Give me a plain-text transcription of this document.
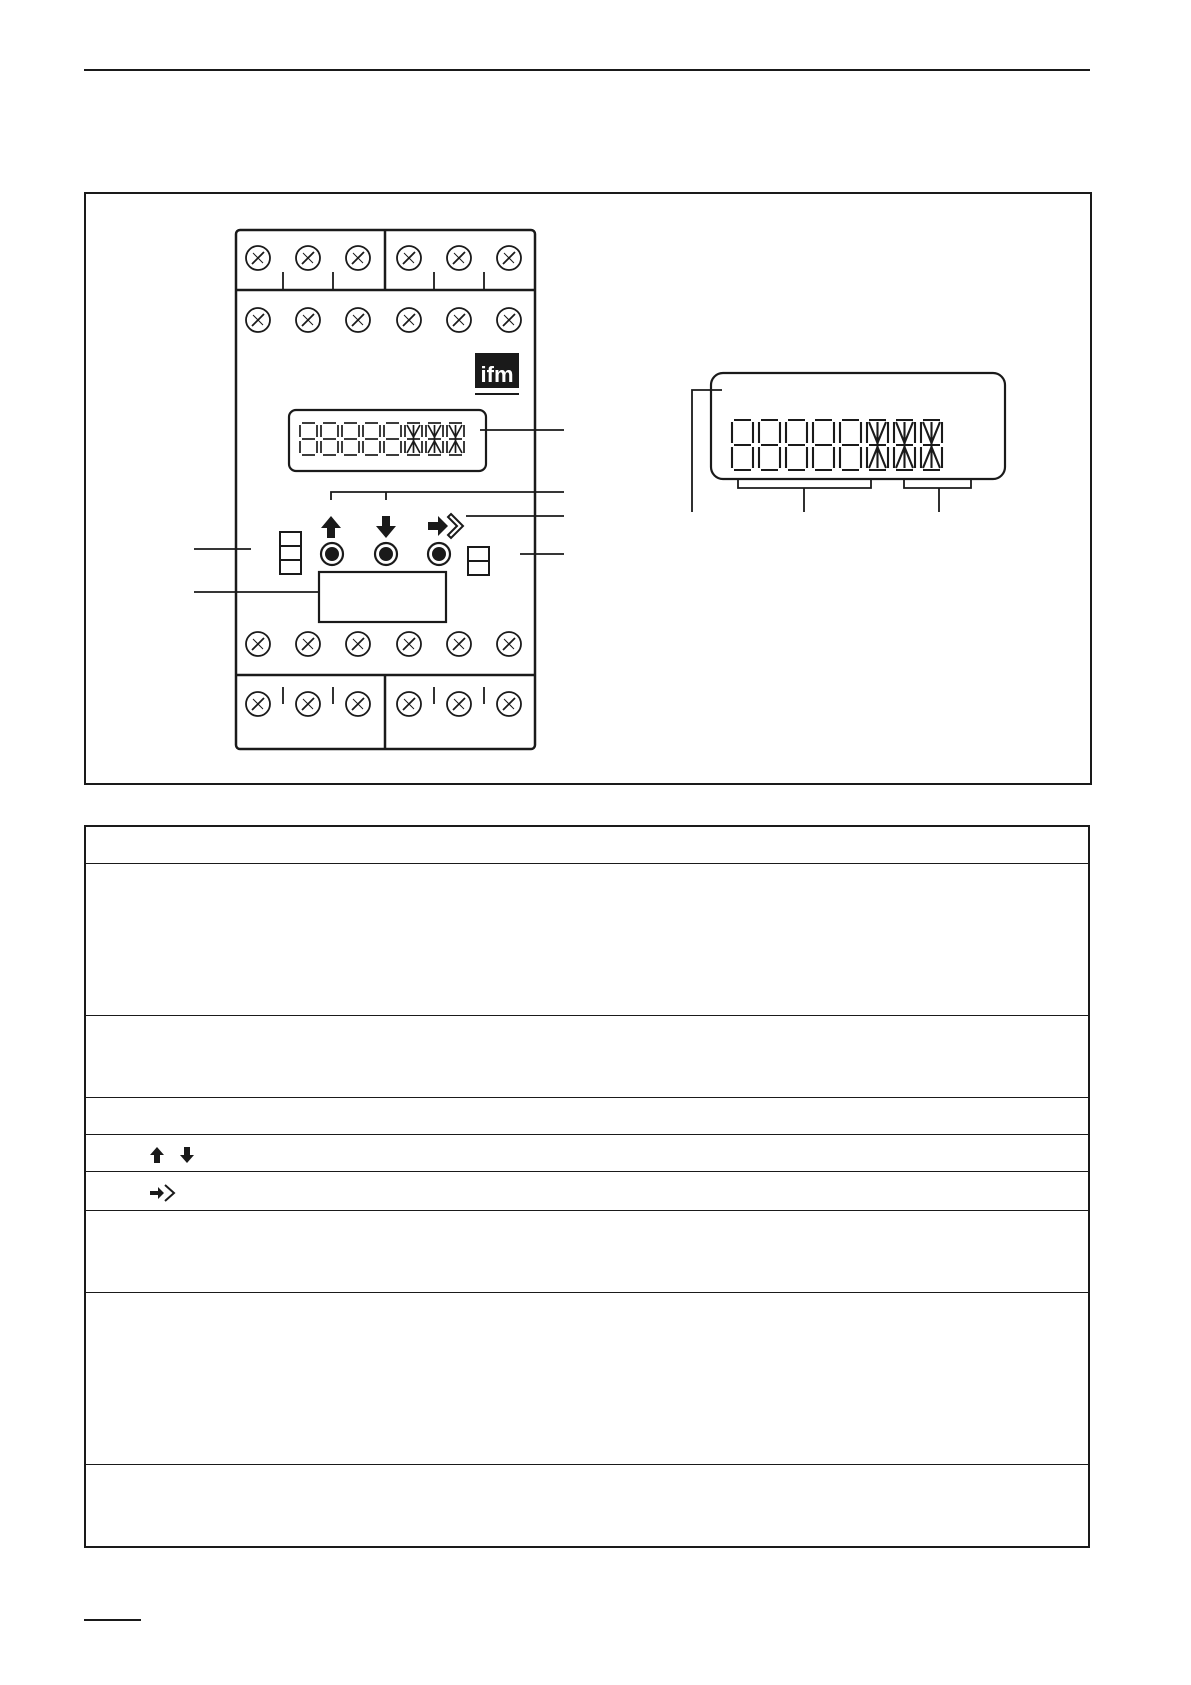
ifm
